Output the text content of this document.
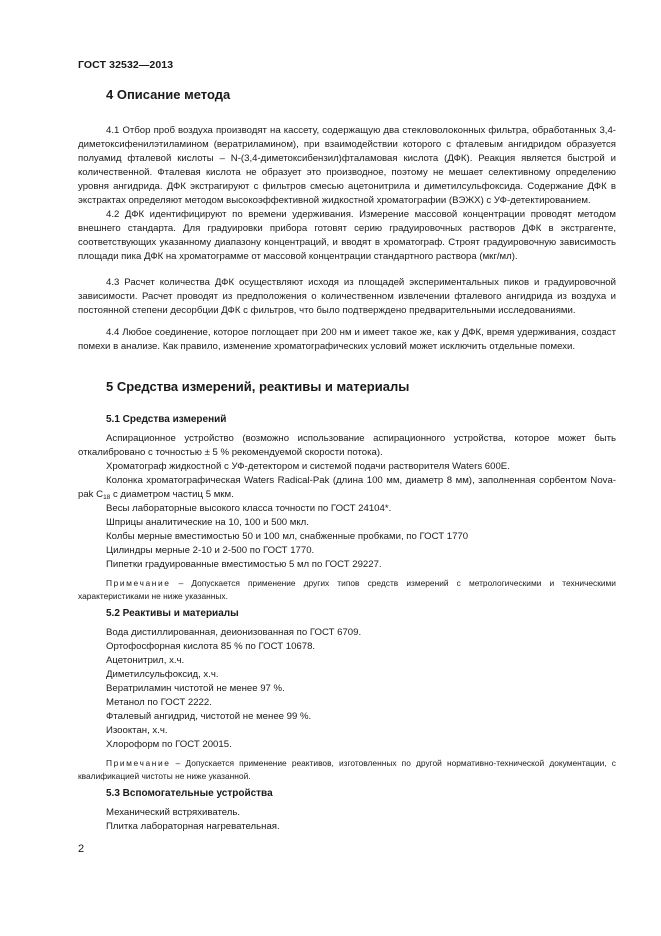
ГОСТ 32532—2013
4 Описание метода

4.1 Отбор проб воздуха производят на кассету, содержащую два стекловолоконных фильтра, обработанных 3,4-диметоксифенилэтиламином (вератриламином), при взаимодействии которого с фталевым ангидридом образуется полуамид фталевой кислоты – N-(3,4-диметоксибензил)фталамовая кислота (ДФК). Реакция является быстрой и количественной. Фталевая кислота не образует это производное, поэтому не мешает селективному определению уровня ангидрида. ДФК экстрагируют с фильтров смесью ацетонитрила и диметилсульфоксида. Содержание ДФК в экстрактах определяют методом высокоэффективной жидкостной хроматографии (ВЭЖХ) с УФ-детектированием.

4.2 ДФК идентифицируют по времени удерживания. Измерение массовой концентрации проводят методом внешнего стандарта. Для градуировки прибора готовят серию градуировочных растворов ДФК в экстрагенте, соответствующих указанному диапазону концентраций, и вводят в хроматограф. Строят градуировочную зависимость площади пика ДФК на хроматограмме от массовой концентрации стандартного раствора (мкг/мл).

4.3 Расчет количества ДФК осуществляют исходя из площадей экспериментальных пиков и градуировочной зависимости. Расчет проводят из предположения о количественном извлечении фталевого ангидрида из воздуха и постоянной степени десорбции ДФК с фильтров, что было подтверждено предварительными исследованиями.

4.4 Любое соединение, которое поглощает при 200 нм и имеет такое же, как у ДФК, время удерживания, создаст помехи в анализе. Как правило, изменение хроматографических условий может исключить отдельные помехи.

5 Средства измерений, реактивы и материалы
5.1 Средства измерений

Аспирационное устройство (возможно использование аспирационного устройства, которое может быть откалибровано с точностью ± 5 % рекомендуемой скорости потока).

Хроматограф жидкостной с УФ-детектором и системой подачи растворителя Waters 600E.

Колонка хроматографическая Waters Radical-Pak (длина 100 мм, диаметр 8 мм), заполненная сорбентом Nova-pak $C_{18}$ с диаметром частиц 5 мкм.

Весы лабораторные высокого класса точности по ГОСТ 24104*.

Шприцы аналитические на 10, 100 и 500 мкл.

Колбы мерные вместимостью 50 и 100 мл, снабженные пробками, по ГОСТ 1770

Цилиндры мерные 2-10 и 2-500 по ГОСТ 1770.

Пипетки градуированные вместимостью 5 мл по ГОСТ 29227.

Примечание – Допускается применение других типов средств измерений с метрологическими и техническими характеристиками не ниже указанных.

5.2 Реактивы и материалы

Вода дистиллированная, деионизованная по ГОСТ 6709.

Ортофосфорная кислота 85 % по ГОСТ 10678.

Ацетонитрил, х.ч.

Диметилсульфоксид, х.ч.

Вератриламин чистотой не менее 97 %.

Метанол по ГОСТ 2222.

Фталевый ангидрид, чистотой не менее 99 %.

Изооктан, х.ч.

Хлороформ по ГОСТ 20015.

Примечание – Допускается применение реактивов, изготовленных по другой нормативно-технической документации, с квалификацией чистоты не ниже указанной.

5.3 Вспомогательные устройства

Механический встряхиватель.

Плитка лабораторная нагревательная.

2
